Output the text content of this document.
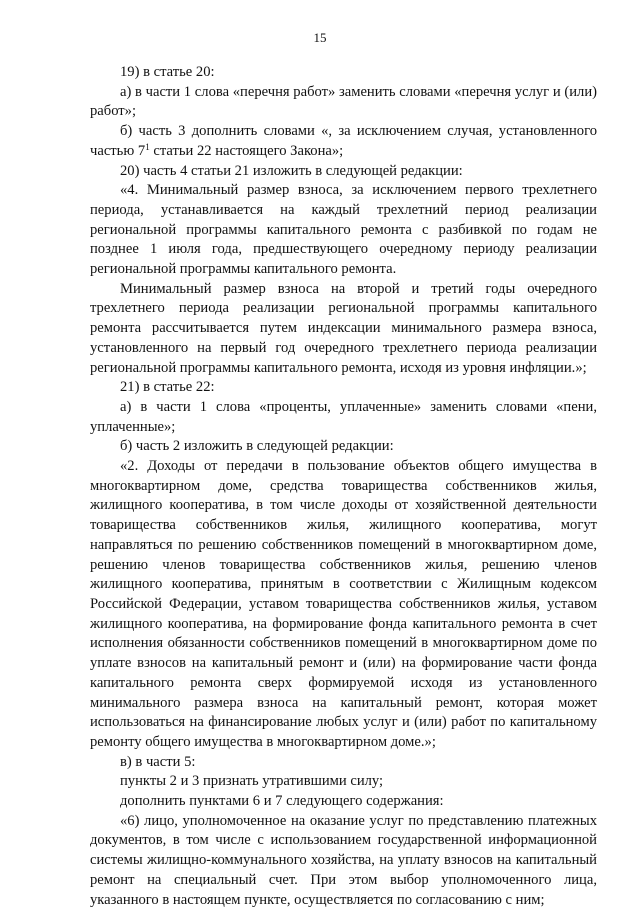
15

19) в статье 20:

а) в части 1 слова «перечня работ» заменить словами «перечня услуг и (или) работ»;

б) часть 3 дополнить словами «, за исключением случая, установленного частью $7^1$ статьи 22 настоящего Закона»;

20) часть 4 статьи 21 изложить в следующей редакции:

«4. Минимальный размер взноса, за исключением первого трехлетнего периода, устанавливается на каждый трехлетний период реализации региональной программы капитального ремонта с разбивкой по годам не позднее 1 июля года, предшествующего очередному периоду реализации региональной программы капитального ремонта.

Минимальный размер взноса на второй и третий годы очередного трехлетнего периода реализации региональной программы капитального ремонта рассчитывается путем индексации минимального размера взноса, установленного на первый год очередного трехлетнего периода реализации региональной программы капитального ремонта, исходя из уровня инфляции.»;

21) в статье 22:

а) в части 1 слова «проценты, уплаченные» заменить словами «пени, уплаченные»;

б) часть 2 изложить в следующей редакции:

«2. Доходы от передачи в пользование объектов общего имущества в многоквартирном доме, средства товарищества собственников жилья, жилищного кооператива, в том числе доходы от хозяйственной деятельности товарищества собственников жилья, жилищного кооператива, могут направляться по решению собственников помещений в многоквартирном доме, решению членов товарищества собственников жилья, решению членов жилищного кооператива, принятым в соответствии с Жилищным кодексом Российской Федерации, уставом товарищества собственников жилья, уставом жилищного кооператива, на формирование фонда капитального ремонта в счет исполнения обязанности собственников помещений в многоквартирном доме по уплате взносов на капитальный ремонт и (или) на формирование части фонда капитального ремонта сверх формируемой исходя из установленного минимального размера взноса на капитальный ремонт, которая может использоваться на финансирование любых услуг и (или) работ по капитальному ремонту общего имущества в многоквартирном доме.»;

в) в части 5:

пункты 2 и 3 признать утратившими силу;

дополнить пунктами 6 и 7 следующего содержания:

«6) лицо, уполномоченное на оказание услуг по представлению платежных документов, в том числе с использованием государственной информационной системы жилищно-коммунального хозяйства, на уплату взносов на капитальный ремонт на специальный счет. При этом выбор уполномоченного лица, указанного в настоящем пункте, осуществляется по согласованию с ним;
